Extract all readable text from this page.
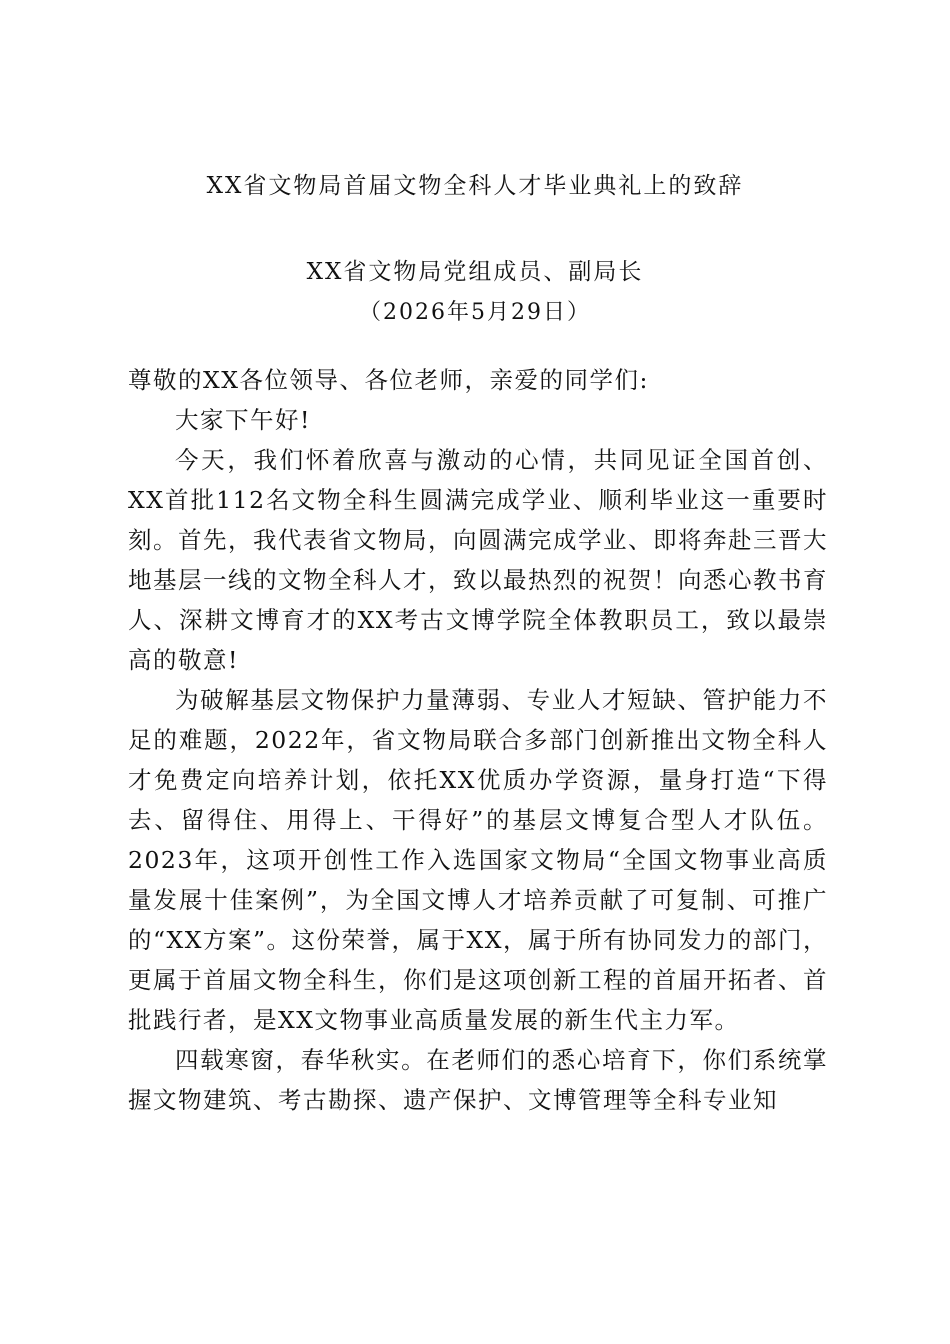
XX省文物局首届文物全科人才毕业典礼上的致辞
XX省文物局党组成员、副局长
（2026年5月29日）

尊敬的XX各位领导、各位老师，亲爱的同学们:

大家下午好!

今天，我们怀着欣喜与激动的心情，共同见证全国首创、XX首批112名文物全科生圆满完成学业、顺利毕业这一重要时刻。首先，我代表省文物局，向圆满完成学业、即将奔赴三晋大地基层一线的文物全科人才，致以最热烈的祝贺！向悉心教书育人、深耕文博育才的XX考古文博学院全体教职员工，致以最崇高的敬意!

为破解基层文物保护力量薄弱、专业人才短缺、管护能力不足的难题，2022年，省文物局联合多部门创新推出文物全科人才免费定向培养计划，依托XX优质办学资源，量身打造“下得去、留得住、用得上、干得好”的基层文博复合型人才队伍。2023年，这项开创性工作入选国家文物局“全国文物事业高质量发展十佳案例”，为全国文博人才培养贡献了可复制、可推广的“XX方案”。这份荣誉，属于XX，属于所有协同发力的部门，更属于首届文物全科生，你们是这项创新工程的首届开拓者、首批践行者，是XX文物事业高质量发展的新生代主力军。

四载寒窗，春华秋实。在老师们的悉心培育下，你们系统掌握文物建筑、考古勘探、遗产保护、文博管理等全科专业知
